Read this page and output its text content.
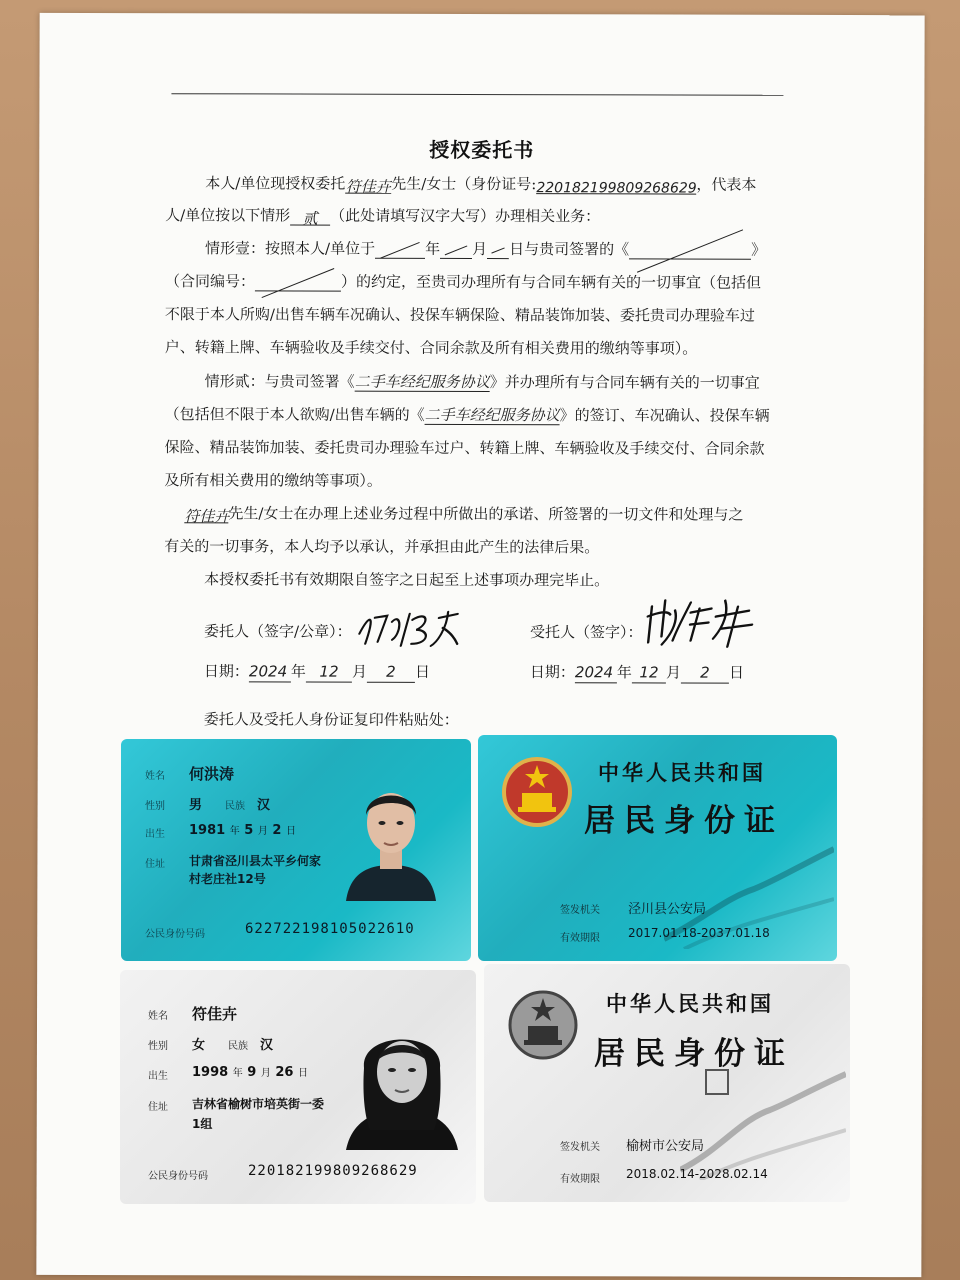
授权委托书
本人/单位现授权委托符佳卉先生/女士（身份证号:220182199809268629，代表本
人/单位按以下情形 贰 （此处请填写汉字大写）办理相关业务：
情形壹：按照本人/单位于	年 月 日与贵司签署的《	》
（合同编号：	）的约定，至贵司办理所有与合同车辆有关的一切事宜（包括但
不限于本人所购/出售车辆车况确认、投保车辆保险、精品装饰加装、委托贵司办理验车过
户、转籍上牌、车辆验收及手续交付、合同余款及所有相关费用的缴纳等事项）。
情形贰：与贵司签署《二手车经纪服务协议》并办理所有与合同车辆有关的一切事宜
（包括但不限于本人欲购/出售车辆的《二手车经纪服务协议》的签订、车况确认、投保车辆
保险、精品装饰加装、委托贵司办理验车过户、转籍上牌、车辆验收及手续交付、合同余款
及所有相关费用的缴纳等事项）。
符佳卉先生/女士在办理上述业务过程中所做出的承诺、所签署的一切文件和处理与之
有关的一切事务，本人均予以承认，并承担由此产生的法律后果。
本授权委托书有效期限自签字之日起至上述事项办理完毕止。
委托人（签字/公章）：	受托人（签字）：
日期：2024 年 12 月 2 日	日期：2024 年 12 月 2 日
委托人及受托人身份证复印件粘贴处：
姓名 何洪涛
性别 男 民族 汉
出生 1981 年 5 月 2 日
住址 甘肃省泾川县太平乡何家
村老庄社12号
公民身份号码	622722198105022610
中华人民共和国
居民身份证
签发机关 泾川县公安局
有效期限 2017.01.18-2037.01.18
姓名 符佳卉
性别 女 民族 汉
出生 1998 年 9 月 26 日
住址 吉林省榆树市培英街一委
1组
公民身份号码	220182199809268629
中华人民共和国
居民身份证
签发机关 榆树市公安局
有效期限 2018.02.14-2028.02.14
